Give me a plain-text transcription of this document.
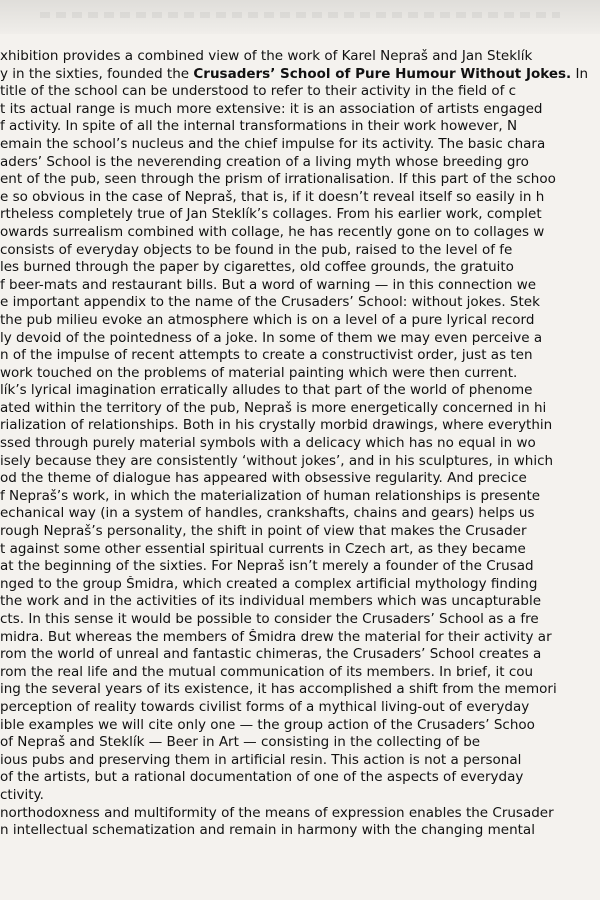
xhibition provides a combined view of the work of Karel Nepraš and Jan Steklík
y in the sixties, founded the Crusaders’ School of Pure Humour Without Jokes. In
title of the school can be understood to refer to their activity in the field of c
t its actual range is much more extensive: it is an association of artists engaged
f activity. In spite of all the internal transformations in their work however, N
emain the school’s nucleus and the chief impulse for its activity. The basic chara
aders’ School is the neverending creation of a living myth whose breeding gro
ent of the pub, seen through the prism of irrationalisation. If this part of the schoo
e so obvious in the case of Nepraš, that is, if it doesn’t reveal itself so easily in h
rtheless completely true of Jan Steklík’s collages. From his earlier work, complet
owards surrealism combined with collage, he has recently gone on to collages w
consists of everyday objects to be found in the pub, raised to the level of fe
les burned through the paper by cigarettes, old coffee grounds, the gratuito
f beer-mats and restaurant bills. But a word of warning — in this connection we
e important appendix to the name of the Crusaders’ School: without jokes. Stek
the pub milieu evoke an atmosphere which is on a level of a pure lyrical record
ly devoid of the pointedness of a joke. In some of them we may even perceive a
n of the impulse of recent attempts to create a constructivist order, just as ten
work touched on the problems of material painting which were then current.
lík’s lyrical imagination erratically alludes to that part of the world of phenome
ated within the territory of the pub, Nepraš is more energetically concerned in hi
rialization of relationships. Both in his crystally morbid drawings, where everythin
ssed through purely material symbols with a delicacy which has no equal in wo
isely because they are consistently ‘without jokes’, and in his sculptures, in which
od the theme of dialogue has appeared with obsessive regularity. And precice
f Nepraš’s work, in which the materialization of human relationships is presente
echanical way (in a system of handles, crankshafts, chains and gears) helps us
rough Nepraš’s personality, the shift in point of view that makes the Crusader
t against some other essential spiritual currents in Czech art, as they became
at the beginning of the sixties. For Nepraš isn’t merely a founder of the Crusad
nged to the group Šmidra, which created a complex artificial mythology finding
the work and in the activities of its individual members which was uncapturable
cts. In this sense it would be possible to consider the Crusaders’ School as a fre
midra. But whereas the members of Šmidra drew the material for their activity ar
rom the world of unreal and fantastic chimeras, the Crusaders’ School creates a
rom the real life and the mutual communication of its members. In brief, it cou
ing the several years of its existence, it has accomplished a shift from the memori
perception of reality towards civilist forms of a mythical living-out of everyday
ible examples we will cite only one — the group action of the Crusaders’ Schoo
of Nepraš and Steklík — Beer in Art — consisting in the collecting of be
ious pubs and preserving them in artificial resin. This action is not a personal
of the artists, but a rational documentation of one of the aspects of everyday
ctivity.
northodoxness and multiformity of the means of expression enables the Crusader
n intellectual schematization and remain in harmony with the changing mental
